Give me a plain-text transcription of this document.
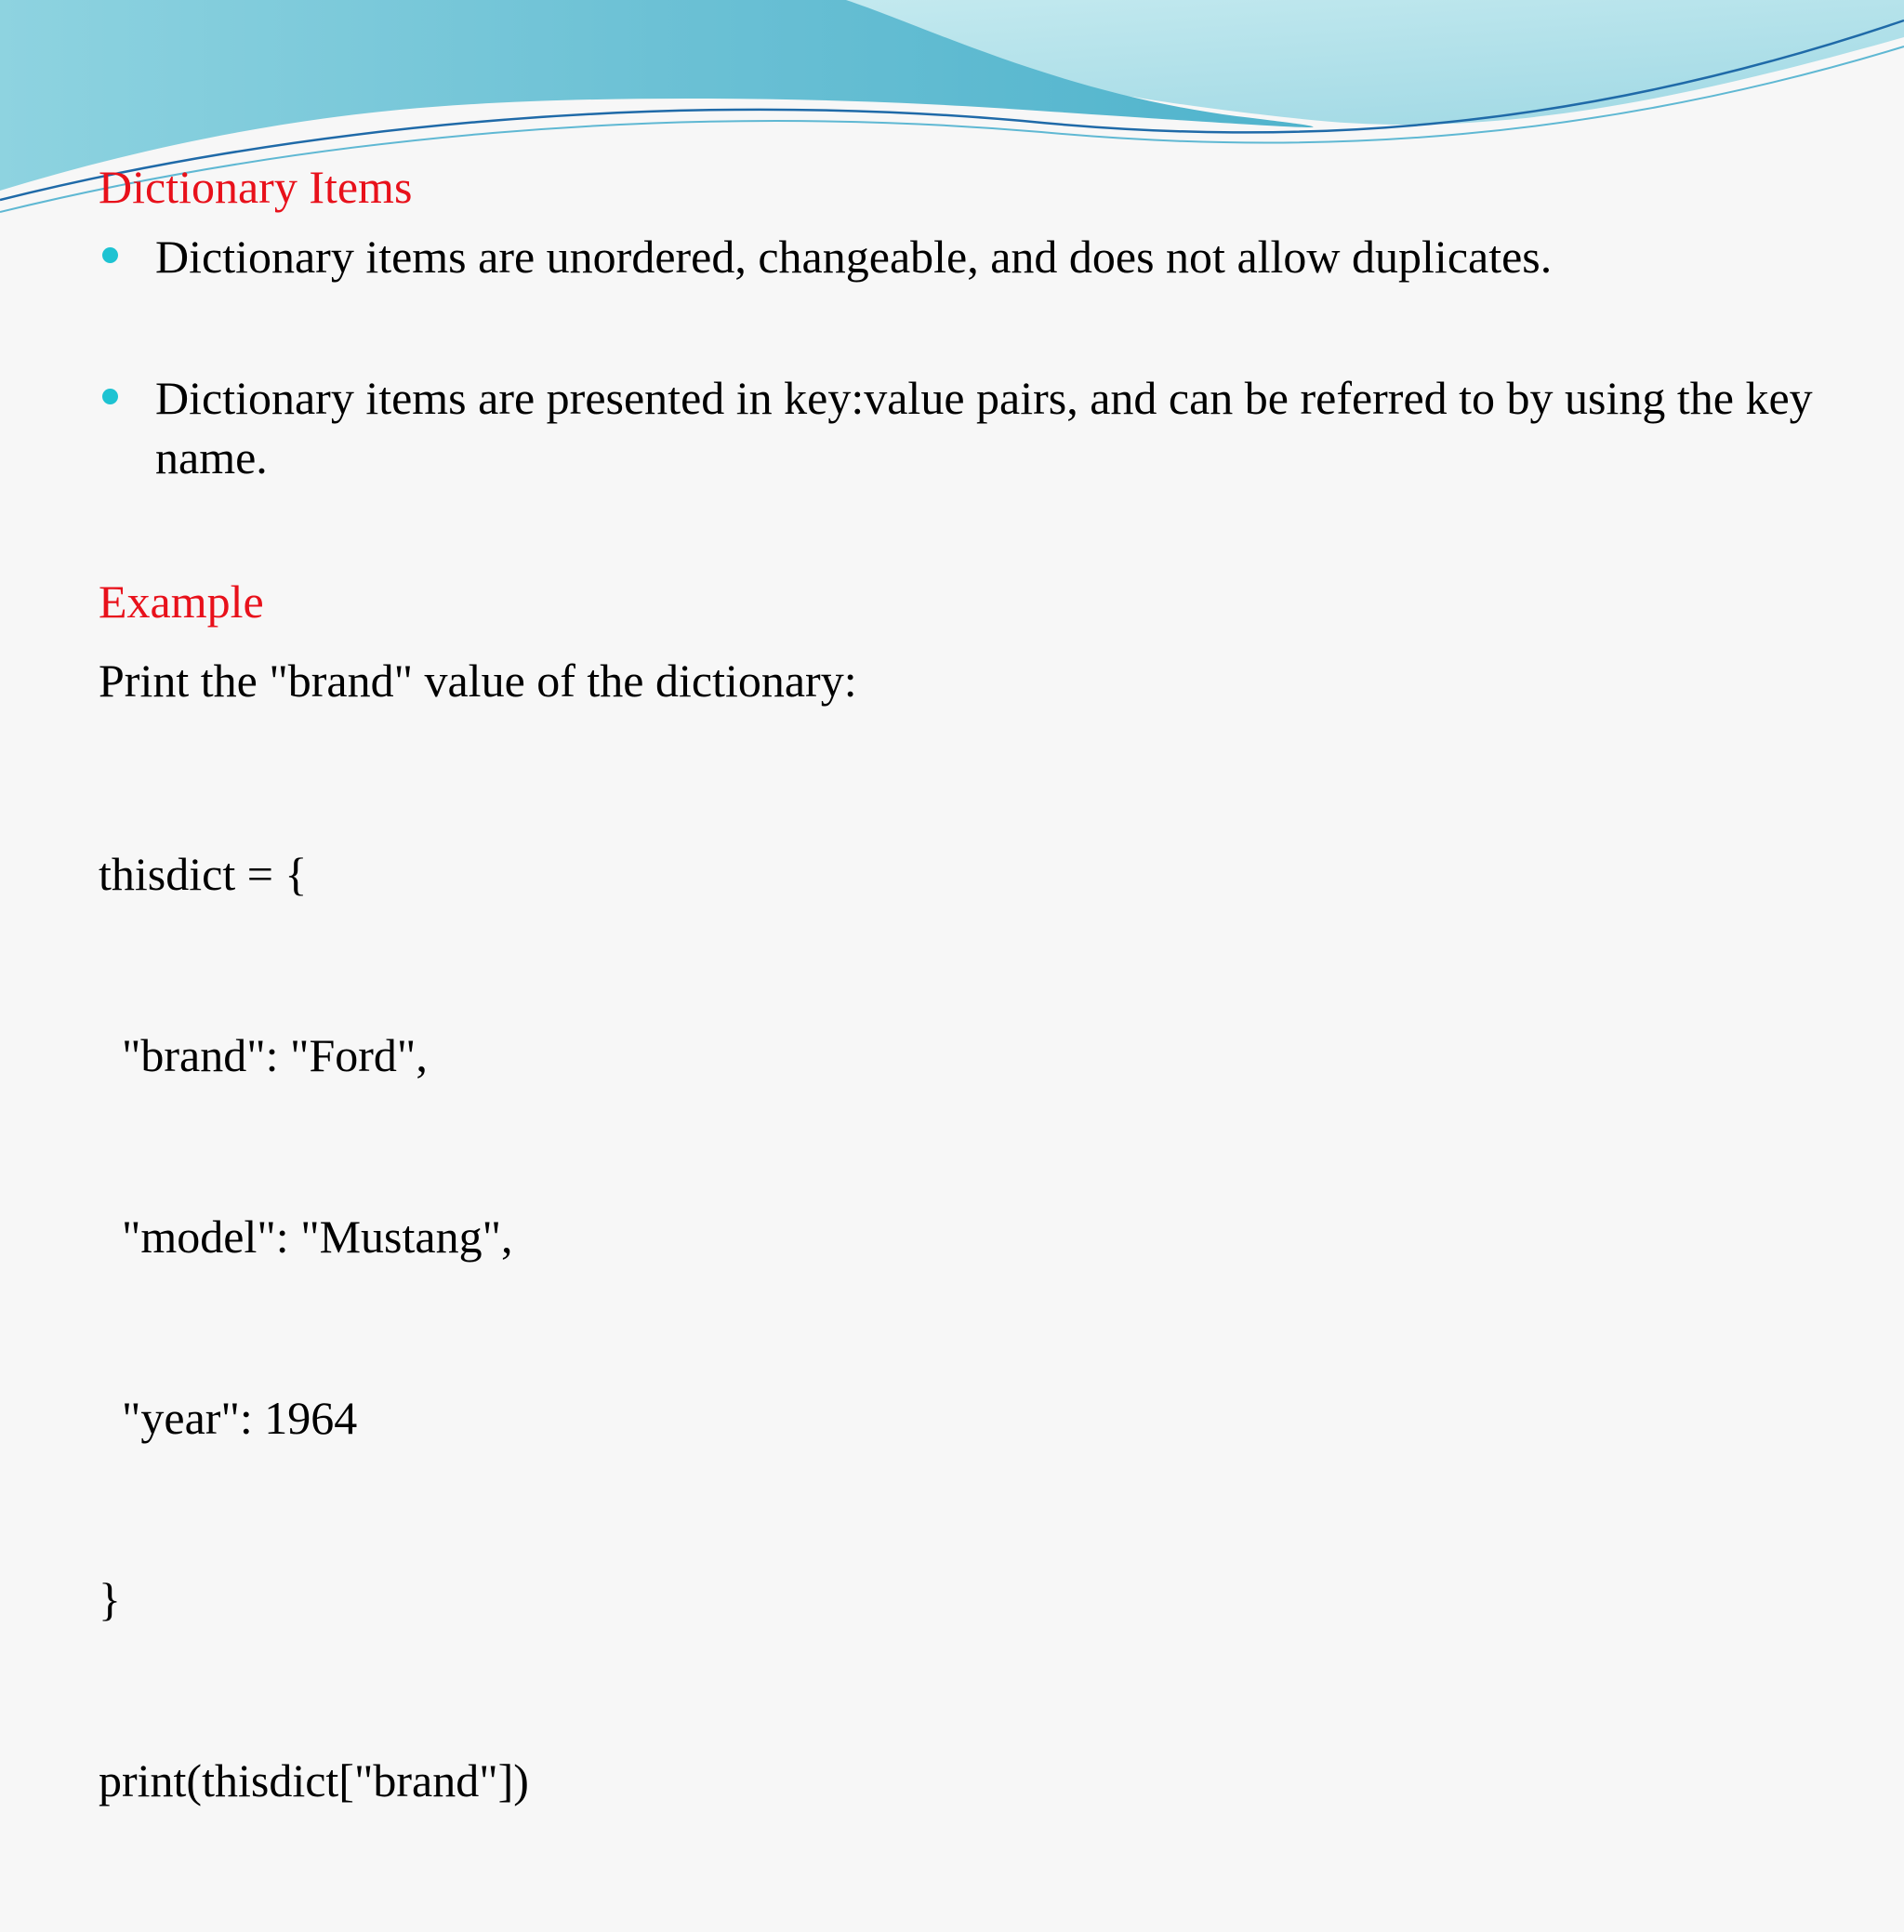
Dictionary Items
Dictionary items are unordered, changeable, and does not allow duplicates.
Dictionary items are presented in key:value pairs, and can be referred to by using the key name.
Example

Print the "brand" value of the dictionary:

thisdict = {

"brand": "Ford",

"model": "Mustang",

"year": 1964

}

print(thisdict["brand"])
